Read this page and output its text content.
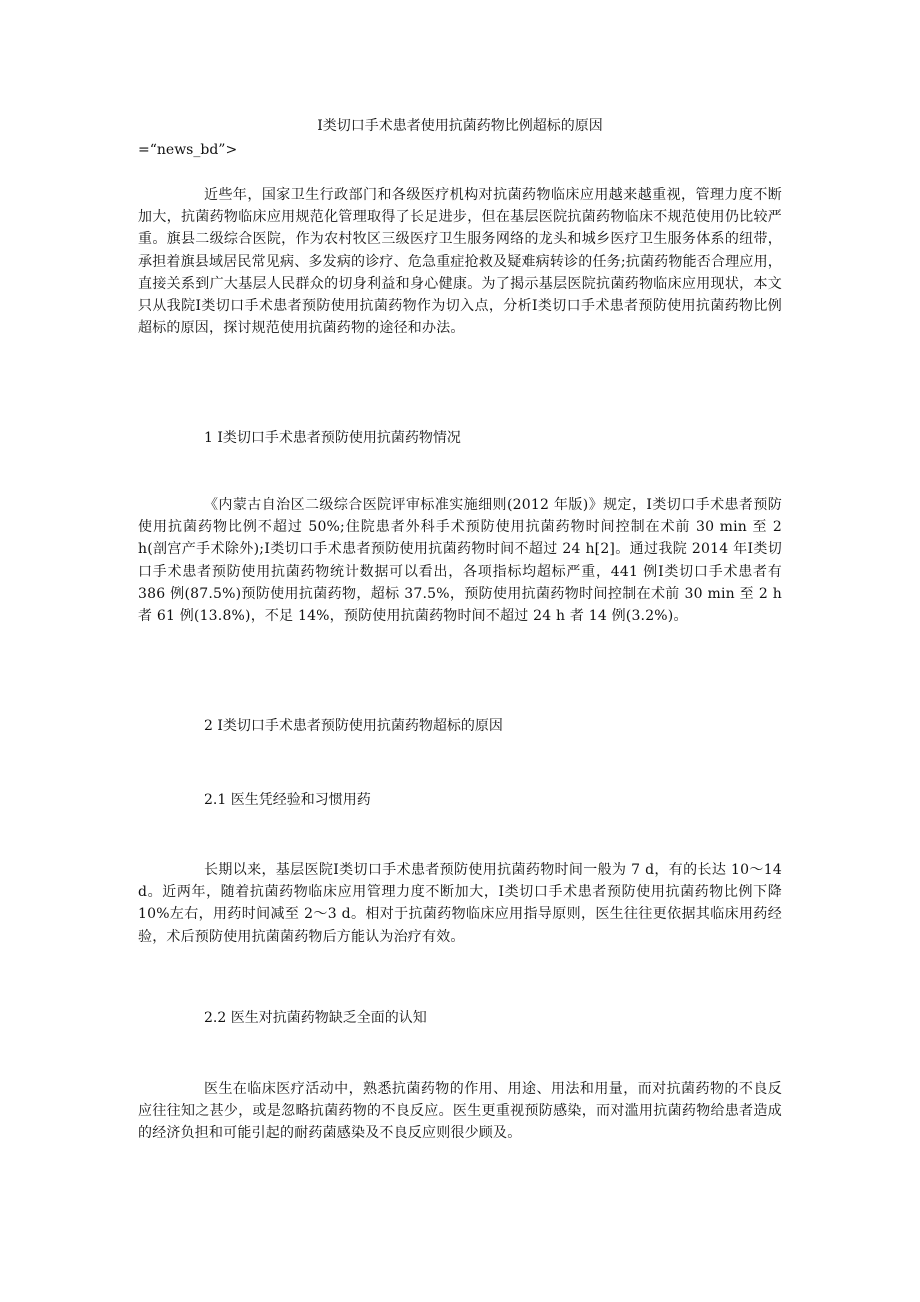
Ⅰ类切口手术患者使用抗菌药物比例超标的原因
=“news_bd”>

近些年，国家卫生行政部门和各级医疗机构对抗菌药物临床应用越来越重视，管理力度不断加大，抗菌药物临床应用规范化管理取得了长足进步，但在基层医院抗菌药物临床不规范使用仍比较严重。旗县二级综合医院，作为农村牧区三级医疗卫生服务网络的龙头和城乡医疗卫生服务体系的纽带，承担着旗县域居民常见病、多发病的诊疗、危急重症抢救及疑难病转诊的任务;抗菌药物能否合理应用，直接关系到广大基层人民群众的切身利益和身心健康。为了揭示基层医院抗菌药物临床应用现状，本文只从我院Ⅰ类切口手术患者预防使用抗菌药物作为切入点，分析Ⅰ类切口手术患者预防使用抗菌药物比例超标的原因，探讨规范使用抗菌药物的途径和办法。

1 Ⅰ类切口手术患者预防使用抗菌药物情况

《内蒙古自治区二级综合医院评审标准实施细则(2012 年版)》规定，Ⅰ类切口手术患者预防使用抗菌药物比例不超过 50%;住院患者外科手术预防使用抗菌药物时间控制在术前 30 min 至 2 h(剖宫产手术除外);Ⅰ类切口手术患者预防使用抗菌药物时间不超过 24 h[2]。通过我院 2014 年Ⅰ类切口手术患者预防使用抗菌药物统计数据可以看出，各项指标均超标严重，441 例Ⅰ类切口手术患者有 386 例(87.5%)预防使用抗菌药物，超标 37.5%，预防使用抗菌药物时间控制在术前 30 min 至 2 h 者 61 例(13.8%)，不足 14%，预防使用抗菌药物时间不超过 24 h 者 14 例(3.2%)。

2 Ⅰ类切口手术患者预防使用抗菌药物超标的原因
2.1 医生凭经验和习惯用药

长期以来，基层医院Ⅰ类切口手术患者预防使用抗菌药物时间一般为 7 d，有的长达 10～14 d。近两年，随着抗菌药物临床应用管理力度不断加大，Ⅰ类切口手术患者预防使用抗菌药物比例下降 10%左右，用药时间减至 2～3 d。相对于抗菌药物临床应用指导原则，医生往往更依据其临床用药经验，术后预防使用抗菌菌药物后方能认为治疗有效。

2.2 医生对抗菌药物缺乏全面的认知

医生在临床医疗活动中，熟悉抗菌药物的作用、用途、用法和用量，而对抗菌药物的不良反应往往知之甚少，或是忽略抗菌药物的不良反应。医生更重视预防感染，而对滥用抗菌药物给患者造成的经济负担和可能引起的耐药菌感染及不良反应则很少顾及。
